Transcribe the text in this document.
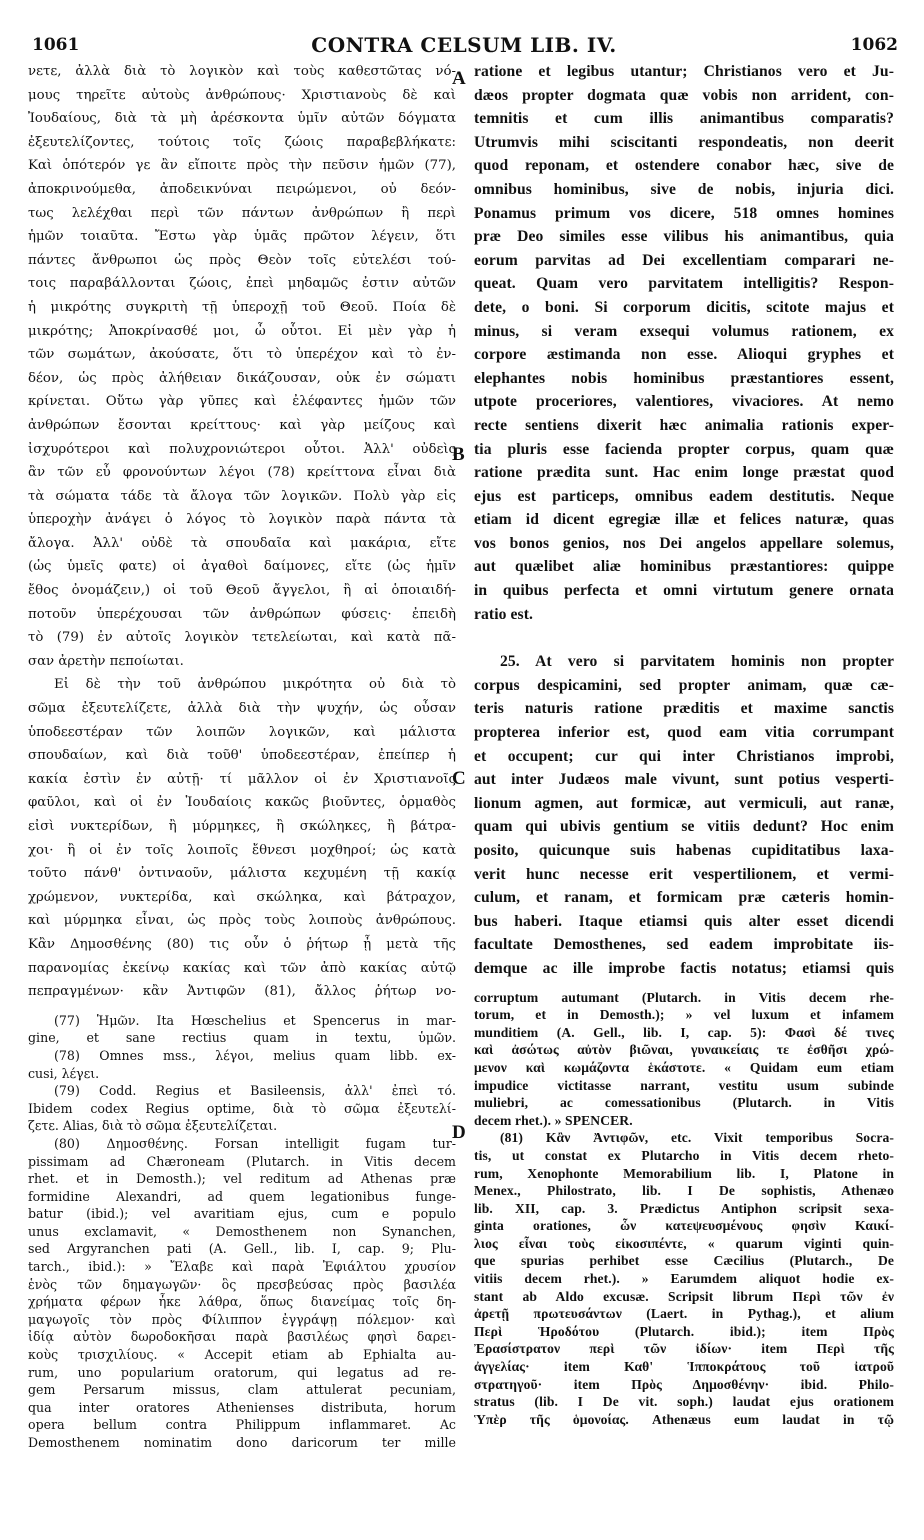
1061	CONTRA CELSUM LIB. IV.	1062
A
B
C
D
νετε, ἀλλὰ διὰ τὸ λογικὸν καὶ τοὺς καθεστῶτας νό-
μους τηρεῖτε αὐτοὺς ἀνθρώπους· Χριστιανοὺς δὲ καὶ
Ἰουδαίους, διὰ τὰ μὴ ἀρέσκοντα ὑμῖν αὐτῶν δόγματα
ἐξευτελίζοντες, τούτοις τοῖς ζώοις παραβεβλήκατε:
Καὶ ὁπότερόν γε ἂν εἴποιτε πρὸς τὴν πεῦσιν ἡμῶν (77),
ἀποκρινούμεθα, ἀποδεικνύναι πειρώμενοι, οὐ δεόν-
τως λελέχθαι περὶ τῶν πάντων ἀνθρώπων ἢ περὶ
ἡμῶν τοιαῦτα. Ἔστω γὰρ ὑμᾶς πρῶτον λέγειν, ὅτι
πάντες ἄνθρωποι ὡς πρὸς Θεὸν τοῖς εὐτελέσι τού-
τοις παραβάλλονται ζώοις, ἐπεὶ μηδαμῶς ἐστιν αὐτῶν
ἡ μικρότης συγκριτὴ τῇ ὑπεροχῇ τοῦ Θεοῦ. Ποία δὲ
μικρότης; Ἀποκρίνασθέ μοι, ὦ οὗτοι. Εἰ μὲν γὰρ ἡ
τῶν σωμάτων, ἀκούσατε, ὅτι τὸ ὑπερέχον καὶ τὸ ἐν-
δέον, ὡς πρὸς ἀλήθειαν δικάζουσαν, οὐκ ἐν σώματι
κρίνεται. Οὕτω γὰρ γῦπες καὶ ἐλέφαντες ἡμῶν τῶν
ἀνθρώπων ἔσονται κρείττους· καὶ γὰρ μείζους καὶ
ἰσχυρότεροι καὶ πολυχρονιώτεροι οὗτοι. Ἀλλ' οὐδεὶς
ἂν τῶν εὖ φρονούντων λέγοι (78) κρείττονα εἶναι διὰ
τὰ σώματα τάδε τὰ ἄλογα τῶν λογικῶν. Πολὺ γὰρ εἰς
ὑπεροχὴν ἀνάγει ὁ λόγος τὸ λογικὸν παρὰ πάντα τὰ
ἄλογα. Ἀλλ' οὐδὲ τὰ σπουδαῖα καὶ μακάρια, εἴτε
(ὡς ὑμεῖς φατε) οἱ ἀγαθοὶ δαίμονες, εἴτε (ὡς ἡμῖν
ἔθος ὀνομάζειν,) οἱ τοῦ Θεοῦ ἄγγελοι, ἢ αἱ ὁποιαιδή-
ποτοῦν ὑπερέχουσαι τῶν ἀνθρώπων φύσεις· ἐπειδὴ
τὸ (79) ἐν αὐτοῖς λογικὸν τετελείωται, καὶ κατὰ πᾶ-
σαν ἀρετὴν πεποίωται.
Εἰ δὲ τὴν τοῦ ἀνθρώπου μικρότητα οὐ διὰ τὸ
σῶμα ἐξευτελίζετε, ἀλλὰ διὰ τὴν ψυχήν, ὡς οὖσαν
ὑποδεεστέραν τῶν λοιπῶν λογικῶν, καὶ μάλιστα
σπουδαίων, καὶ διὰ τοῦθ' ὑποδεεστέραν, ἐπείπερ ἡ
κακία ἐστὶν ἐν αὐτῇ· τί μᾶλλον οἱ ἐν Χριστιανοῖς
φαῦλοι, καὶ οἱ ἐν Ἰουδαίοις κακῶς βιοῦντες, ὁρμαθὸς
εἰσὶ νυκτερίδων, ἢ μύρμηκες, ἢ σκώληκες, ἢ βάτρα-
χοι· ἢ οἱ ἐν τοῖς λοιποῖς ἔθνεσι μοχθηροί; ὡς κατὰ
τοῦτο πάνθ' ὀντιναοῦν, μάλιστα κεχυμένη τῇ κακίᾳ
χρώμενον, νυκτερίδα, καὶ σκώληκα, καὶ βάτραχον,
καὶ μύρμηκα εἶναι, ὡς πρὸς τοὺς λοιποὺς ἀνθρώπους.
Κἂν Δημοσθένης (80) τις οὖν ὁ ῥήτωρ ᾖ μετὰ τῆς
παρανομίας ἐκείνῳ κακίας καὶ τῶν ἀπὸ κακίας αὐτῷ
πεπραγμένων· κἂν Ἀντιφῶν (81), ἄλλος ῥήτωρ νο-
(77) Ἡμῶν. Ita Hœschelius et Spencerus in mar-
gine, et sane rectius quam in textu, ὑμῶν.
(78) Omnes mss., λέγοι, melius quam libb. ex-
cusi, λέγει.
(79) Codd. Regius et Basileensis, ἀλλ' ἐπεὶ τό.
Ibidem codex Regius optime, διὰ τὸ σῶμα ἐξευτελί-
ζετε. Alias, διὰ τὸ σῶμα ἐξευτελίζεται.
(80) Δημοσθένης. Forsan intelligit fugam tur-
pissimam ad Chæroneam (Plutarch. in Vitis decem
rhet. et in Demosth.); vel reditum ad Athenas præ
formidine Alexandri, ad quem legationibus funge-
batur (ibid.); vel avaritiam ejus, cum e populo
unus exclamavit, « Demosthenem non Synanchen,
sed Argyranchen pati (A. Gell., lib. I, cap. 9; Plu-
tarch., ibid.): » Ἔλαβε καὶ παρὰ Ἐφιάλτου χρυσίον
ἑνὸς τῶν δημαγωγῶν· ὃς πρεσβεύσας πρὸς βασιλέα
χρήματα φέρων ἧκε λάθρα, ὅπως διανείμας τοῖς δη-
μαγωγοῖς τὸν πρὸς Φίλιππον ἐγγράψῃ πόλεμον· καὶ
ἰδίᾳ αὐτὸν δωροδοκῆσαι παρὰ βασιλέως φησὶ δαρει-
κοὺς τρισχιλίους. « Accepit etiam ab Ephialta au-
rum, uno popularium oratorum, qui legatus ad re-
gem Persarum missus, clam attulerat pecuniam,
qua inter oratores Athenienses distributa, horum
opera bellum contra Philippum inflammaret. Ac
Demosthenem nominatim dono daricorum ter mille
ratione et legibus utantur; Christianos vero et Ju-
dæos propter dogmata quæ vobis non arrident, con-
temnitis et cum illis animantibus comparatis?
Utrumvis mihi sciscitanti respondeatis, non deerit
quod reponam, et ostendere conabor hæc, sive de
omnibus hominibus, sive de nobis, injuria dici.
Ponamus primum vos dicere, 518 omnes homines
præ Deo similes esse vilibus his animantibus, quia
eorum parvitas ad Dei excellentiam comparari ne-
queat. Quam vero parvitatem intelligitis? Respon-
dete, o boni. Si corporum dicitis, scitote majus et
minus, si veram exsequi volumus rationem, ex
corpore æstimanda non esse. Alioqui gryphes et
elephantes nobis hominibus præstantiores essent,
utpote proceriores, valentiores, vivaciores. At nemo
recte sentiens dixerit hæc animalia rationis exper-
tia pluris esse facienda propter corpus, quam quæ
ratione prædita sunt. Hac enim longe præstat quod
ejus est particeps, omnibus eadem destitutis. Neque
etiam id dicent egregiæ illæ et felices naturæ, quas
vos bonos genios, nos Dei angelos appellare solemus,
aut quælibet aliæ hominibus præstantiores: quippe
in quibus perfecta et omni virtutum genere ornata
ratio est.
25. At vero si parvitatem hominis non propter
corpus despicamini, sed propter animam, quæ cæ-
teris naturis ratione præditis et maxime sanctis
propterea inferior est, quod eam vitia corrumpant
et occupent; cur qui inter Christianos improbi,
aut inter Judæos male vivunt, sunt potius vesperti-
lionum agmen, aut formicæ, aut vermiculi, aut ranæ,
quam qui ubivis gentium se vitiis dedunt? Hoc enim
posito, quicunque suis habenas cupiditatibus laxa-
verit hunc necesse erit vespertilionem, et vermi-
culum, et ranam, et formicam præ cæteris homin-
bus haberi. Itaque etiamsi quis alter esset dicendi
facultate Demosthenes, sed eadem improbitate iis-
demque ac ille improbe factis notatus; etiamsi quis
corruptum autumant (Plutarch. in Vitis decem rhe-
torum, et in Demosth.); » vel luxum et infamem
munditiem (A. Gell., lib. I, cap. 5): Φασὶ δέ τινες
καὶ ἀσώτως αὐτὸν βιῶναι, γυναικείαις τε ἐσθῆσι χρώ-
μενον καὶ κωμάζοντα ἑκάστοτε. « Quidam eum etiam
impudice victitasse narrant, vestitu usum subinde
muliebri, ac comessationibus (Plutarch. in Vitis
decem rhet.). » SPENCER.
(81) Κἂν Ἀντιφῶν, etc. Vixit temporibus Socra-
tis, ut constat ex Plutarcho in Vitis decem rheto-
rum, Xenophonte Memorabilium lib. I, Platone in
Menex., Philostrato, lib. I De sophistis, Athenæo
lib. XII, cap. 3. Prædictus Antiphon scripsit sexa-
ginta orationes, ὧν κατεψευσμένους φησὶν Καικί-
λιος εἶναι τοὺς εἰκοσιπέντε, « quarum viginti quin-
que spurias perhibet esse Cæcilius (Plutarch., De
vitiis decem rhet.). » Earumdem aliquot hodie ex-
stant ab Aldo excusæ. Scripsit librum Περὶ τῶν ἐν
ἀρετῇ πρωτευσάντων (Laert. in Pythag.), et alium
Περὶ Ἡροδότου (Plutarch. ibid.); item Πρὸς
Ἐρασίστρατον περὶ τῶν ἰδίων· item Περὶ τῆς
ἀγγελίας· item Καθ' Ἱπποκράτους τοῦ ἰατροῦ
στρατηγοῦ· item Πρὸς Δημοσθένην· ibid. Philo-
stratus (lib. I De vit. soph.) laudat ejus orationem
Ὑπὲρ τῆς ὁμονοίας. Athenæus eum laudat in τῷ
